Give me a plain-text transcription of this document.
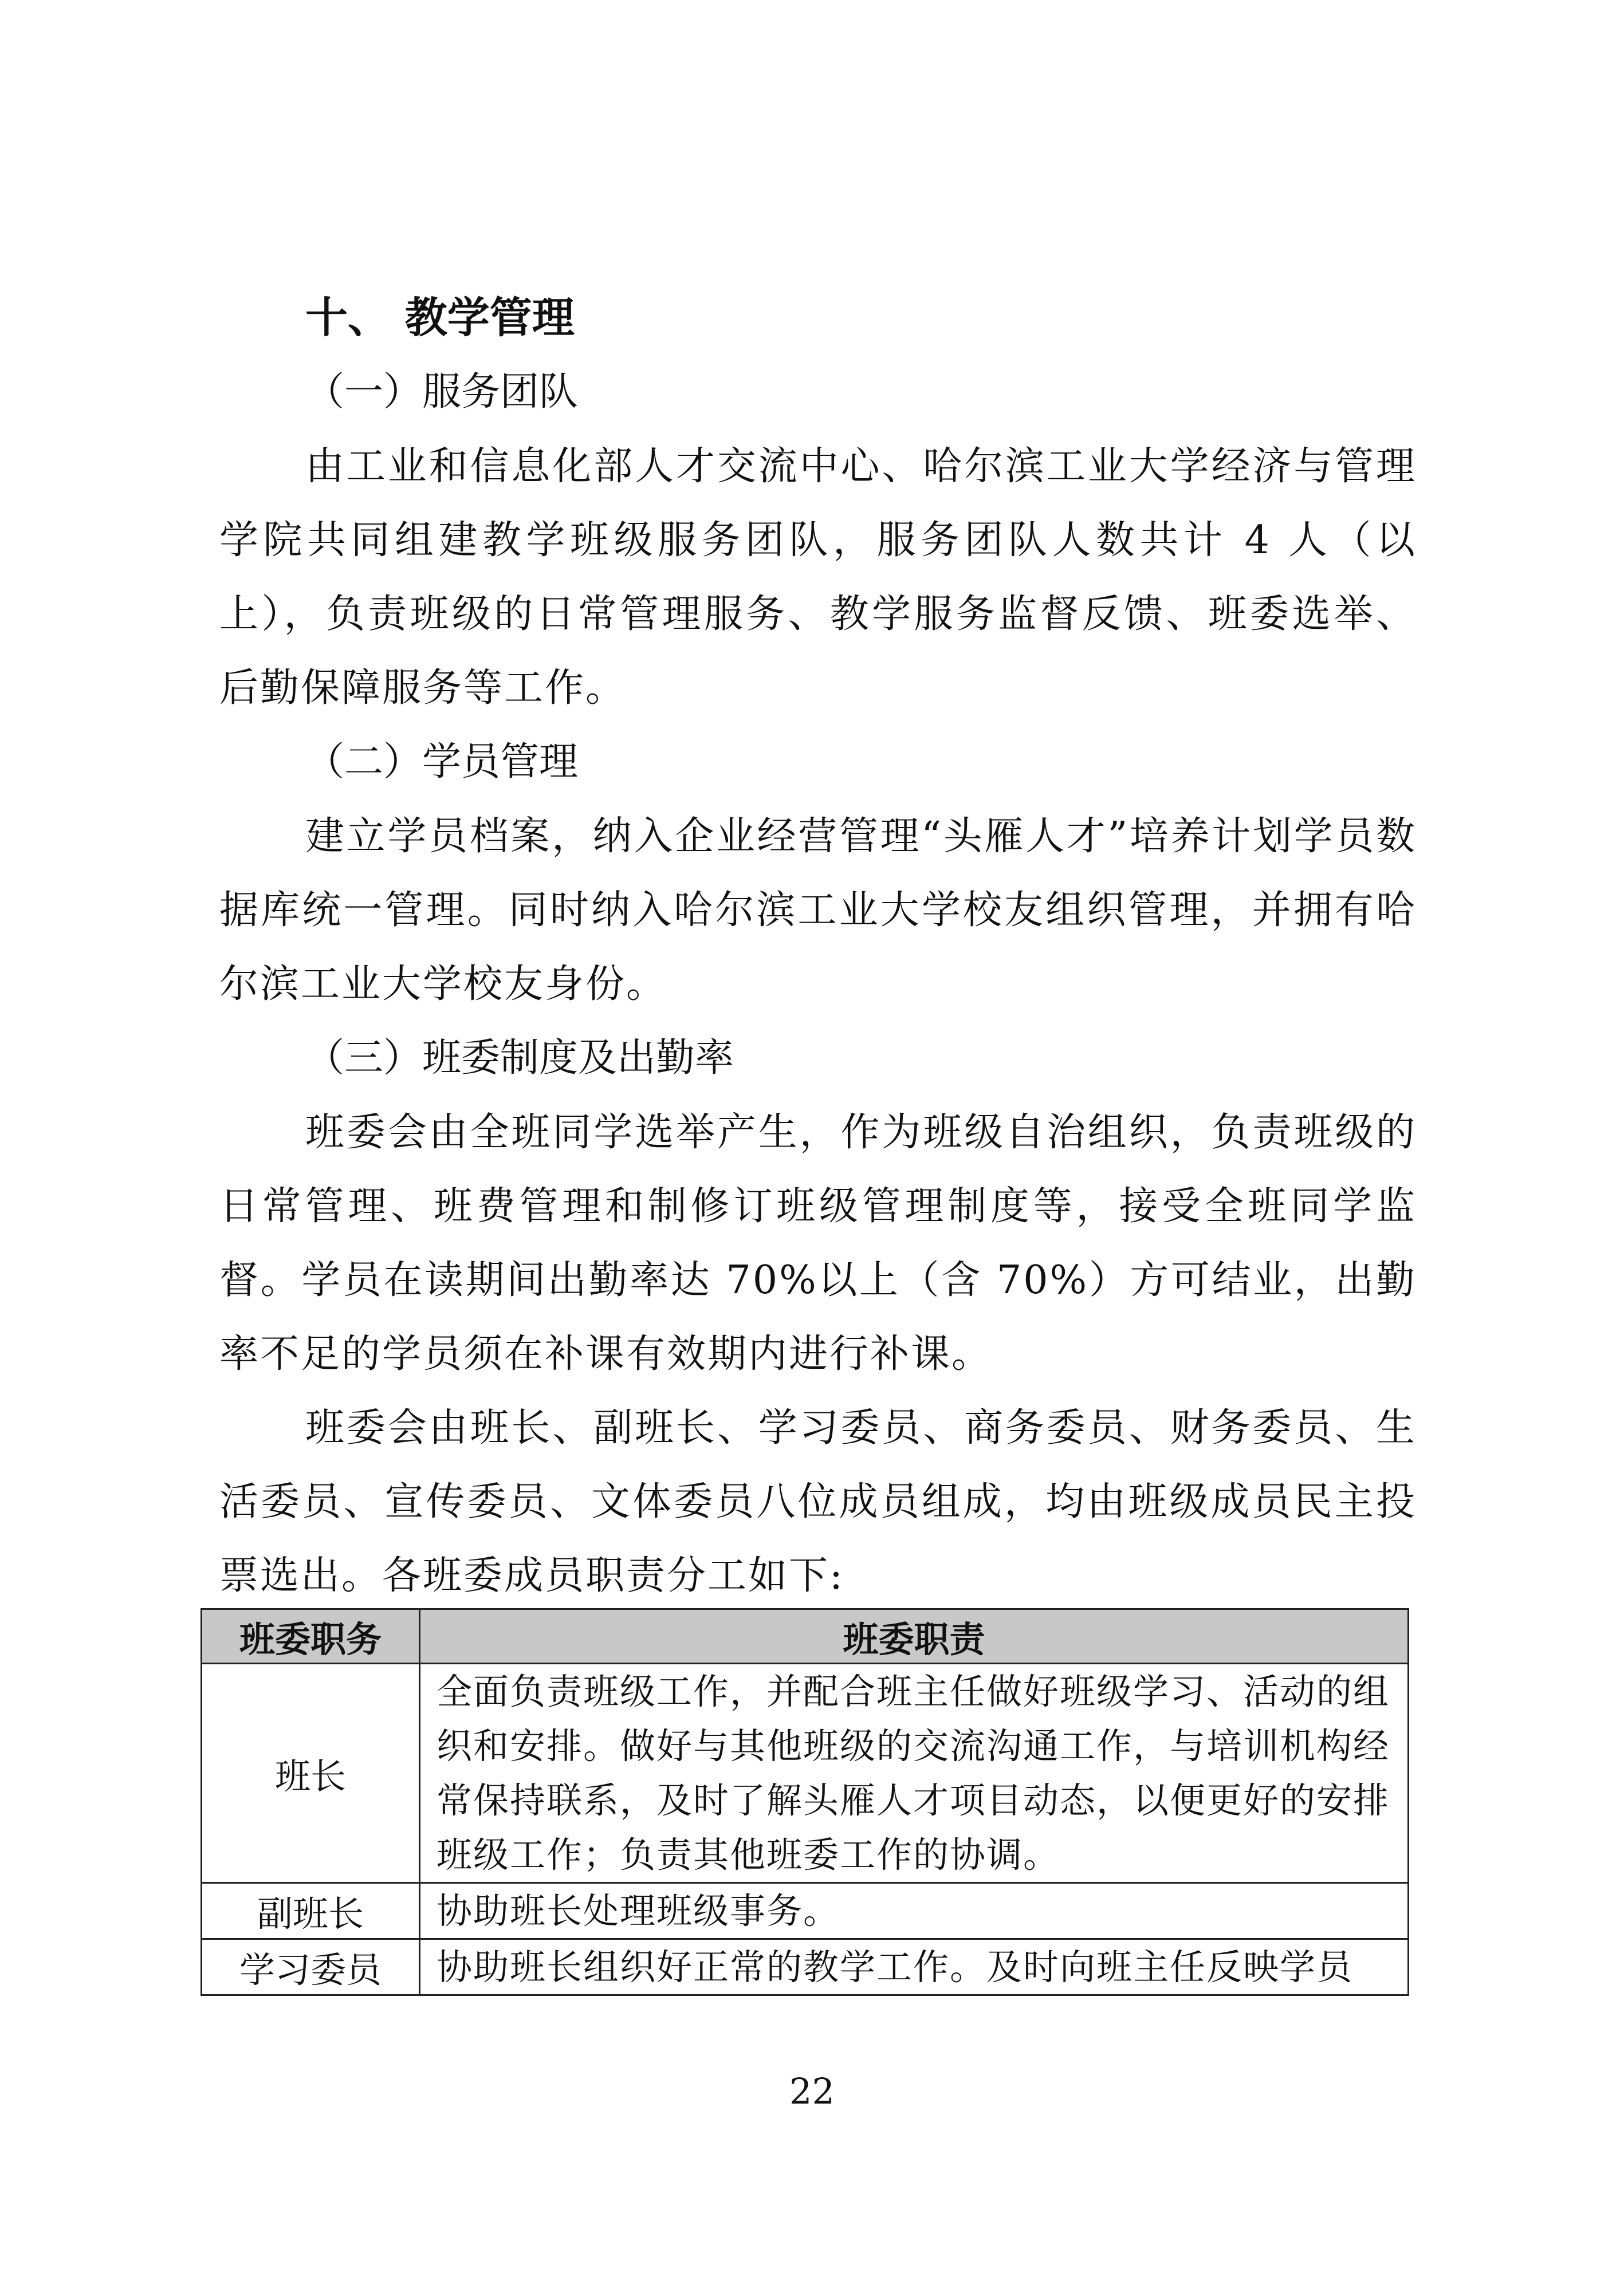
十、 教学管理

（一）服务团队

由工业和信息化部人才交流中心、哈尔滨工业大学经济与管理学院共同组建教学班级服务团队，服务团队人数共计 4 人（以上），负责班级的日常管理服务、教学服务监督反馈、班委选举、后勤保障服务等工作。

（二）学员管理

建立学员档案，纳入企业经营管理“头雁人才”培养计划学员数据库统一管理。同时纳入哈尔滨工业大学校友组织管理，并拥有哈尔滨工业大学校友身份。

（三）班委制度及出勤率

班委会由全班同学选举产生，作为班级自治组织，负责班级的日常管理、班费管理和制修订班级管理制度等，接受全班同学监督。学员在读期间出勤率达 70%以上（含 70%）方可结业，出勤率不足的学员须在补课有效期内进行补课。

班委会由班长、副班长、学习委员、商务委员、财务委员、生活委员、宣传委员、文体委员八位成员组成，均由班级成员民主投票选出。各班委成员职责分工如下:

班委职务	班委职责
班长	全面负责班级工作，并配合班主任做好班级学习、活动的组织和安排。做好与其他班级的交流沟通工作，与培训机构经常保持联系，及时了解头雁人才项目动态，以便更好的安排班级工作；负责其他班委工作的协调。
副班长	协助班长处理班级事务。
学习委员	协助班长组织好正常的教学工作。及时向班主任反映学员
22
